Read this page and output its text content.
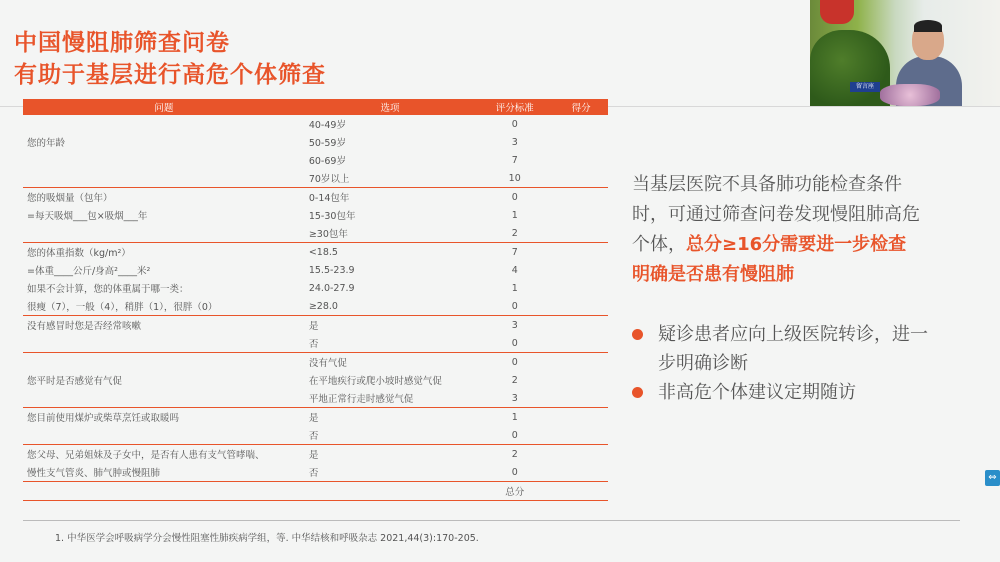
中国慢阻肺筛查问卷
有助于基层进行高危个体筛查	留言座
问题	选项	评分标准	得分
	40-49岁	0	
您的年龄	50-59岁	3	
	60-69岁	7	
	70岁以上	10	
您的吸烟量（包年）	0-14包年	0	
=每天吸烟___包×吸烟___年	15-30包年	1	
	≥30包年	2	
您的体重指数（kg/m²）	<18.5	7	
=体重____公斤/身高²____米²	15.5-23.9	4	
如果不会计算，您的体重属于哪一类：	24.0-27.9	1	
很瘦（7），一般（4），稍胖（1），很胖（0）	≥28.0	0	
没有感冒时您是否经常咳嗽	是	3	
	否	0	
	没有气促	0	
您平时是否感觉有气促	在平地疾行或爬小坡时感觉气促	2	
	平地正常行走时感觉气促	3	
您目前使用煤炉或柴草烹饪或取暖吗	是	1	
	否	0	
您父母、兄弟姐妹及子女中，是否有人患有支气管哮喘、	是	2	
慢性支气管炎、肺气肿或慢阻肺	否	0	
		总分	

当基层医院不具备肺功能检查条件时，可通过筛查问卷发现慢阻肺高危个体，总分≥16分需要进一步检查明确是否患有慢阻肺

疑诊患者应向上级医院转诊，进一步明确诊断
非高危个体建议定期随访

1. 中华医学会呼吸病学分会慢性阻塞性肺疾病学组，等. 中华结核和呼吸杂志 2021,44(3):170-205.

⇔
